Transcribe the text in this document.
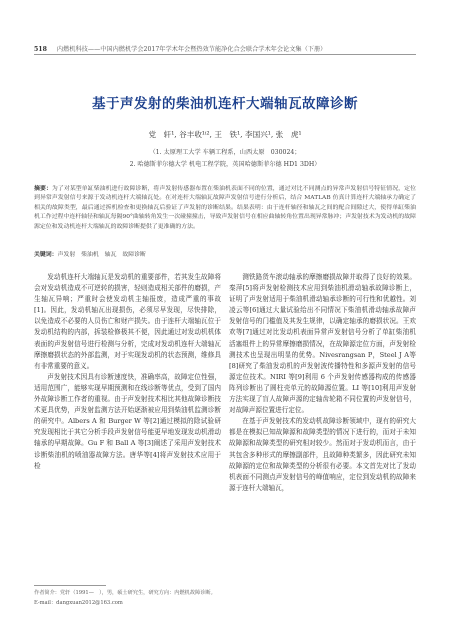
518 内燃机科技——中国内燃机学会2017年学术年会暨热效节能净化合会联合学术年会论文集（下册）
基于声发射的柴油机连杆大端轴瓦故障诊断
党　轩¹, 谷丰收¹ⁱ², 王　铁¹, 李国兴¹, 张　虎¹
（1. 太原理工大学 车辆工程系，山西太原　030024；
2. 哈德斯菲尔德大学 机电工程学院，英国哈德斯菲尔德 HD1 3DH）
摘要：为了对某型单缸柴油机进行故障诊断，将声发射传感器布置在柴油机表面不同的位置，通过对比不同测点的异常声发射信号特征情况，定位到异常声发射信号来源于发动机连杆大端轴瓦处。在对连杆大端轴瓦故障声发射信号进行分析后，结合 MATLAB 仿真计算连杆大端轴承力确定了相关的故障类型，最后通过拆机检查和更换轴瓦后验证了声发射的诊断结果。结果表明：由于连杆轴径和轴瓦之间的配合间隙过大，使得单缸柴油机工作过程中连杆轴径和轴瓦每隔90°曲轴转角发生一次碰撞撞击，导致声发射信号在相应曲轴转角位置出现异常脉冲；声发射技术为发动机的故障源定位和发动机连杆大端轴瓦的故障诊断提供了更准确的方法。
关键词：声发射　柴油机　轴瓦　故障诊断

发动机连杆大端轴瓦是发动机的重要部件，若其发生故障将会对发动机造成不可逆转的损害，轻则造成相关部件的磨损，产生轴瓦异响；严重时会使发动机主轴报废，造成严重的事故[1]。因此，发动机轴瓦出现损伤，必须尽早发现，尽快排除，以免造成不必要的人员伤亡和财产损失。由于连杆大端轴瓦位于发动机结构的内部，拆装检修极其不便，因此通过对发动机机体表面的声发射信号进行检测与分析，完成对发动机连杆大端轴瓦摩擦磨损状态的外部监测，对于实现发动机的状态预测，维修具有非常重要的意义。

声发射技术因具有诊断速度快，准确率高，故障定位性强，适用范围广，能够实现早期预测和在线诊断等优点，受到了国内外故障诊断工作者的重视。由于声发射技术相比其他故障诊断技术更具优势，声发射监测方法开始逐渐被应用到柴油机监测诊断的研究中。Albers A 和 Burger W 等[2]通过模拟的除试验研究发现相比于其它分析手段声发射信号能更早地发现发动机滑动轴承的早期故障。Gu F 和 Ball A 等[3]阐述了采用声发射技术诊断柴油机的喷油器故障方法。唐华等[4]将声发射技术应用于检

测铁路货车滚动轴承的摩擦磨损故障并取得了良好的效果。秦萍[5]将声发射检测技术应用到柴油机滑动轴承故障诊断上，证明了声发射适用于柴油机滑动轴承诊断的可行性和优越性。刘凌云等[6]通过大量试验给出不同情况下柴油机滑动轴承故障声发射信号的门槛值及其发生规律，以确定轴承的磨损状况。王欢欢等[7]通过对比发动机表面异常声发射信号分析了单缸柴油机活塞组件上的异常摩擦磨损情况，在故障源定位方面，声发射检测技术也呈现出明显的优势。Nivesrangsan P，Steel J A等[8]研究了柴油发动机的声发射波传播特性和多源声发射的信号源定位技术。NIRI 等[9]利用 6 个声发射传感器构成的传感器阵列诊断出了圆柱壳单元的故障源位置。LI 等[10]利用声发射方法实现了盲人故障声源的定轴齿轮箱不同位置的声发射信号，对故障声源位置进行定位。

在基于声发射技术的发动机故障诊断领域中，现有的研究大都是在模拟已知故障源和故障类型的情况下进行的，而对于未知故障源和故障类型的研究相对较少。然而对于发动机而言，由于其包含多种形式的摩擦副部件，且故障种类繁多，因此研究未知故障源的定位和故障类型的分析很有必要。本文首先对比了发动机表面不同测点声发射信号的峰值响应，定位到发动机的故障来源于连杆大端轴瓦，

作者简介：党轩（1991—　），男，硕士研究生，研究方向：内燃机故障诊断。
E-mail：dangxuan2012@163.com
